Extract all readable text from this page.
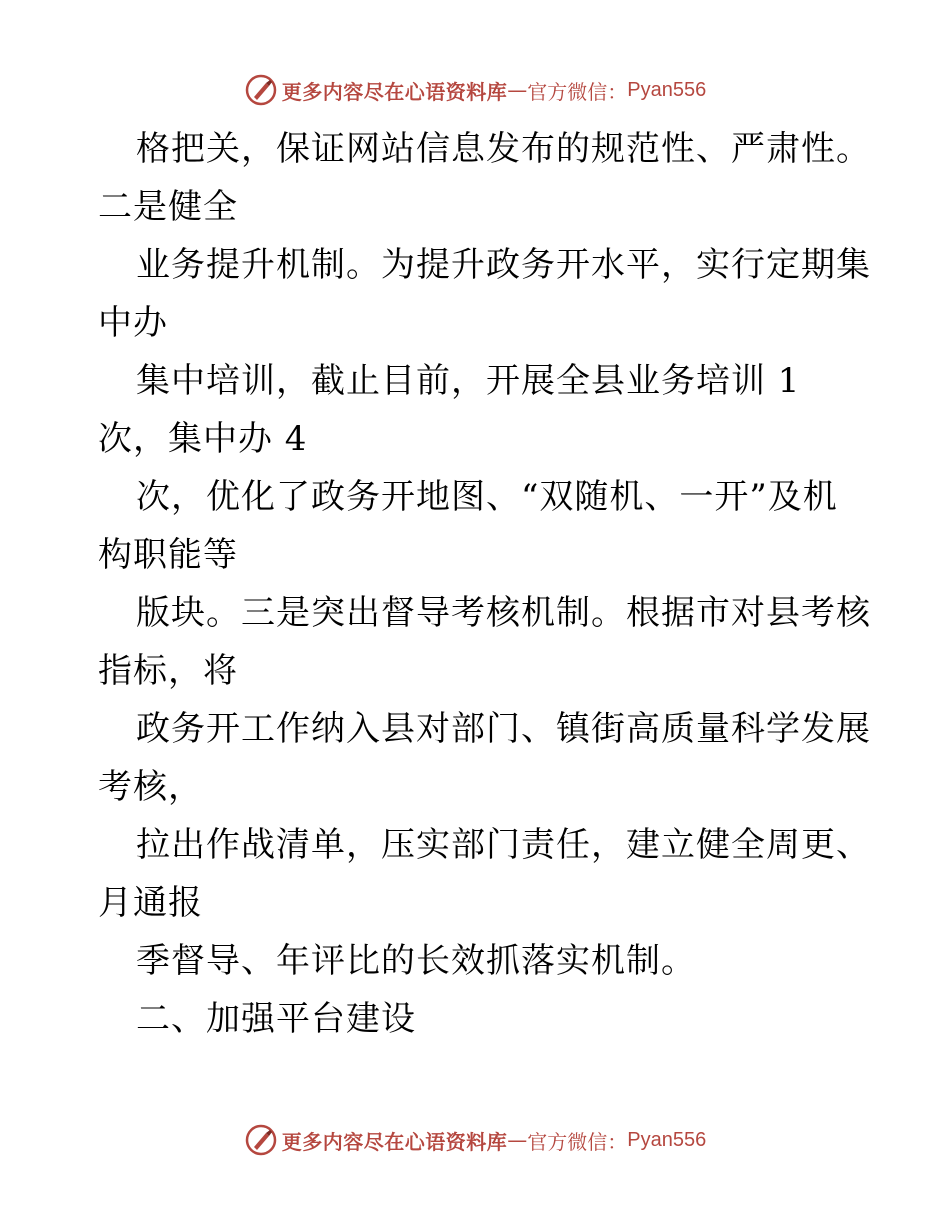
更多内容尽在心语资料库 — 官方微信： Pyan556
格把关，保证网站信息发布的规范性、严肃性。
二是健全
业务提升机制。为提升政务开水平，实行定期集
中办
集中培训，截止目前，开展全县业务培训 1
次，集中办 4
次，优化了政务开地图、“双随机、一开”及机
构职能等
版块。三是突出督导考核机制。根据市对县考核
指标，将
政务开工作纳入县对部门、镇街高质量科学发展
考核，
拉出作战清单，压实部门责任，建立健全周更、
月通报
季督导、年评比的长效抓落实机制。
二、加强平台建设
更多内容尽在心语资料库 — 官方微信： Pyan556
